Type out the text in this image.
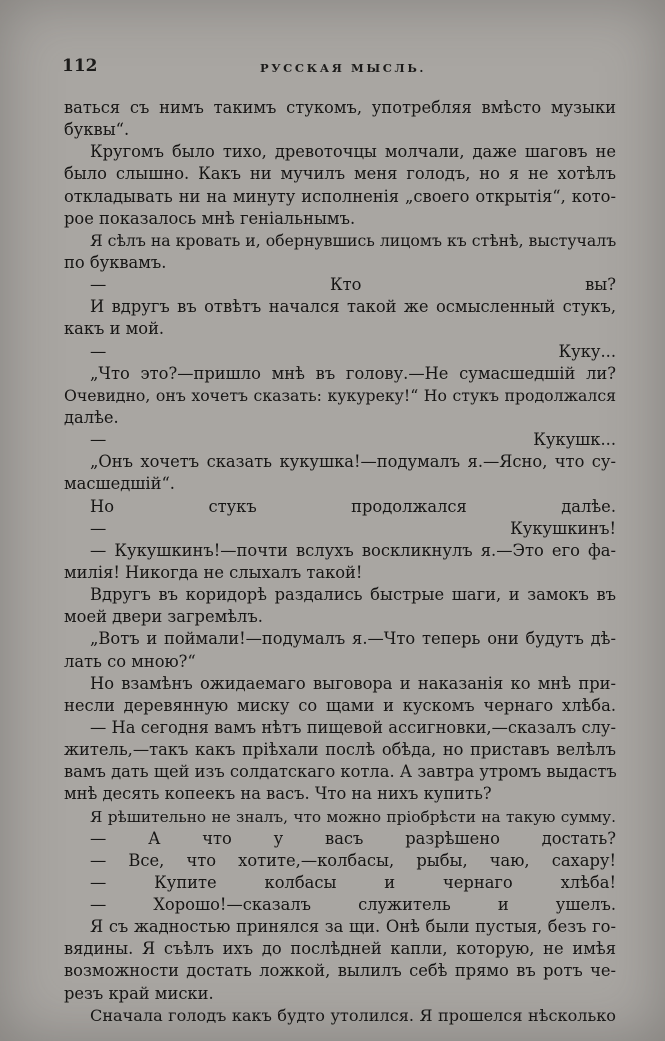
112	РУССКАЯ МЫСЛЬ.
ваться съ нимъ такимъ стукомъ, употребляя вмѣсто музыки
буквы“.
Кругомъ было тихо, древоточцы молчали, даже шаговъ не
было слышно. Какъ ни мучилъ меня голодъ, но я не хотѣлъ
откладывать ни на минуту исполненія „своего открытія“, кото-
рое показалось мнѣ геніальнымъ.
Я сѣлъ на кровать и, обернувшись лицомъ къ стѣнѣ, выстучалъ
по буквамъ.
— Кто вы?
И вдругъ въ отвѣтъ начался такой же осмысленный стукъ,
какъ и мой.
— Куку...
„Что это?—пришло мнѣ въ голову.—Не сумасшедшій ли?
Очевидно, онъ хочетъ сказать: кукуреку!“ Но стукъ продолжался
далѣе.
— Кукушк...
„Онъ хочетъ сказать кукушка!—подумалъ я.—Ясно, что су-
масшедшій“.
Но стукъ продолжался далѣе.
— Кукушкинъ!
— Кукушкинъ!—почти вслухъ воскликнулъ я.—Это его фа-
милія! Никогда не слыхалъ такой!
Вдругъ въ коридорѣ раздались быстрые шаги, и замокъ въ
моей двери загремѣлъ.
„Вотъ и поймали!—подумалъ я.—Что теперь они будутъ дѣ-
лать со мною?“
Но взамѣнъ ожидаемаго выговора и наказанія ко мнѣ при-
несли деревянную миску со щами и кускомъ чернаго хлѣба.
— На сегодня вамъ нѣтъ пищевой ассигновки,—сказалъ слу-
житель,—такъ какъ пріѣхали послѣ обѣда, но приставъ велѣлъ
вамъ дать щей изъ солдатскаго котла. А завтра утромъ выдастъ
мнѣ десять копеекъ на васъ. Что на нихъ купить?
Я рѣшительно не зналъ, что можно пріобрѣсти на такую сумму.
— А что у васъ разрѣшено достать?
— Все, что хотите,—колбасы, рыбы, чаю, сахару!
— Купите колбасы и чернаго хлѣба!
— Хорошо!—сказалъ служитель и ушелъ.
Я съ жадностью принялся за щи. Онѣ были пустыя, безъ го-
вядины. Я съѣлъ ихъ до послѣдней капли, которую, не имѣя
возможности достать ложкой, вылилъ себѣ прямо въ ротъ че-
резъ край миски.
Сначала голодъ какъ будто утолился. Я прошелся нѣсколько
